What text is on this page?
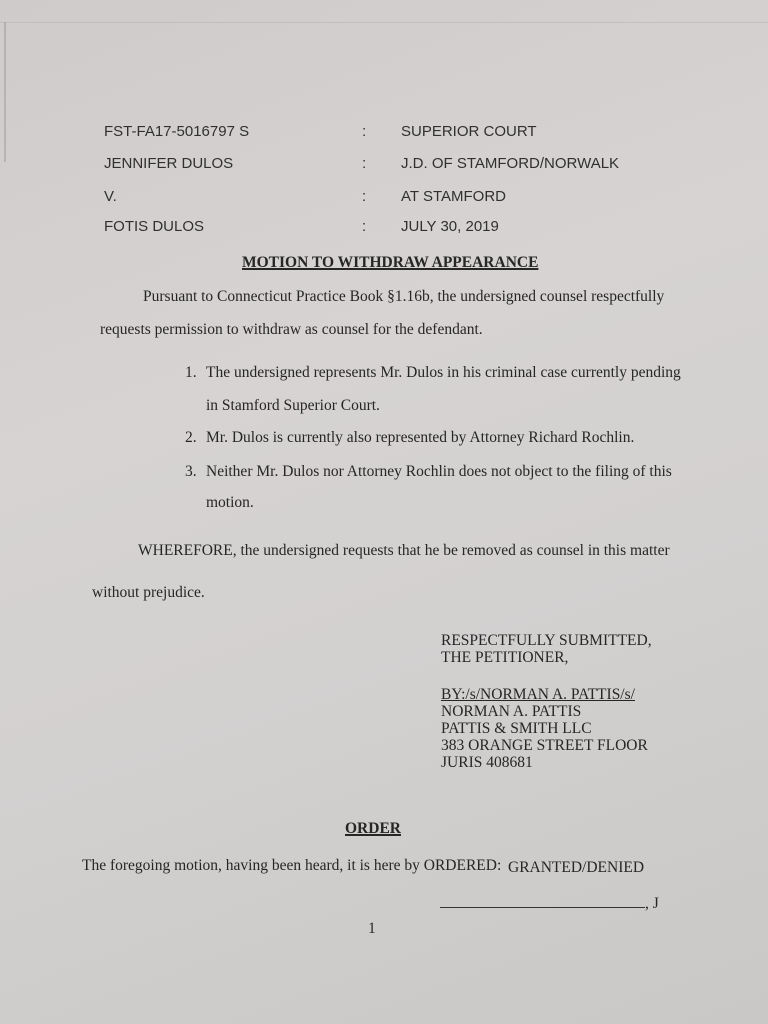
FST-FA17-5016797 S	: SUPERIOR COURT
JENNIFER DULOS	: J.D. OF STAMFORD/NORWALK
V.	: AT STAMFORD
FOTIS DULOS	: JULY 30, 2019
MOTION TO WITHDRAW APPEARANCE
Pursuant to Connecticut Practice Book §1.16b, the undersigned counsel respectfully
requests permission to withdraw as counsel for the defendant.
1. The undersigned represents Mr. Dulos in his criminal case currently pending
in Stamford Superior Court.
2. Mr. Dulos is currently also represented by Attorney Richard Rochlin.
3. Neither Mr. Dulos nor Attorney Rochlin does not object to the filing of this
motion.
WHEREFORE, the undersigned requests that he be removed as counsel in this matter
without prejudice.
RESPECTFULLY SUBMITTED,
THE PETITIONER,
BY:/s/NORMAN A. PATTIS/s/
NORMAN A. PATTIS
PATTIS & SMITH LLC
383 ORANGE STREET FLOOR
JURIS 408681
ORDER
The foregoing motion, having been heard, it is here by ORDERED: GRANTED/DENIED
, J
1
